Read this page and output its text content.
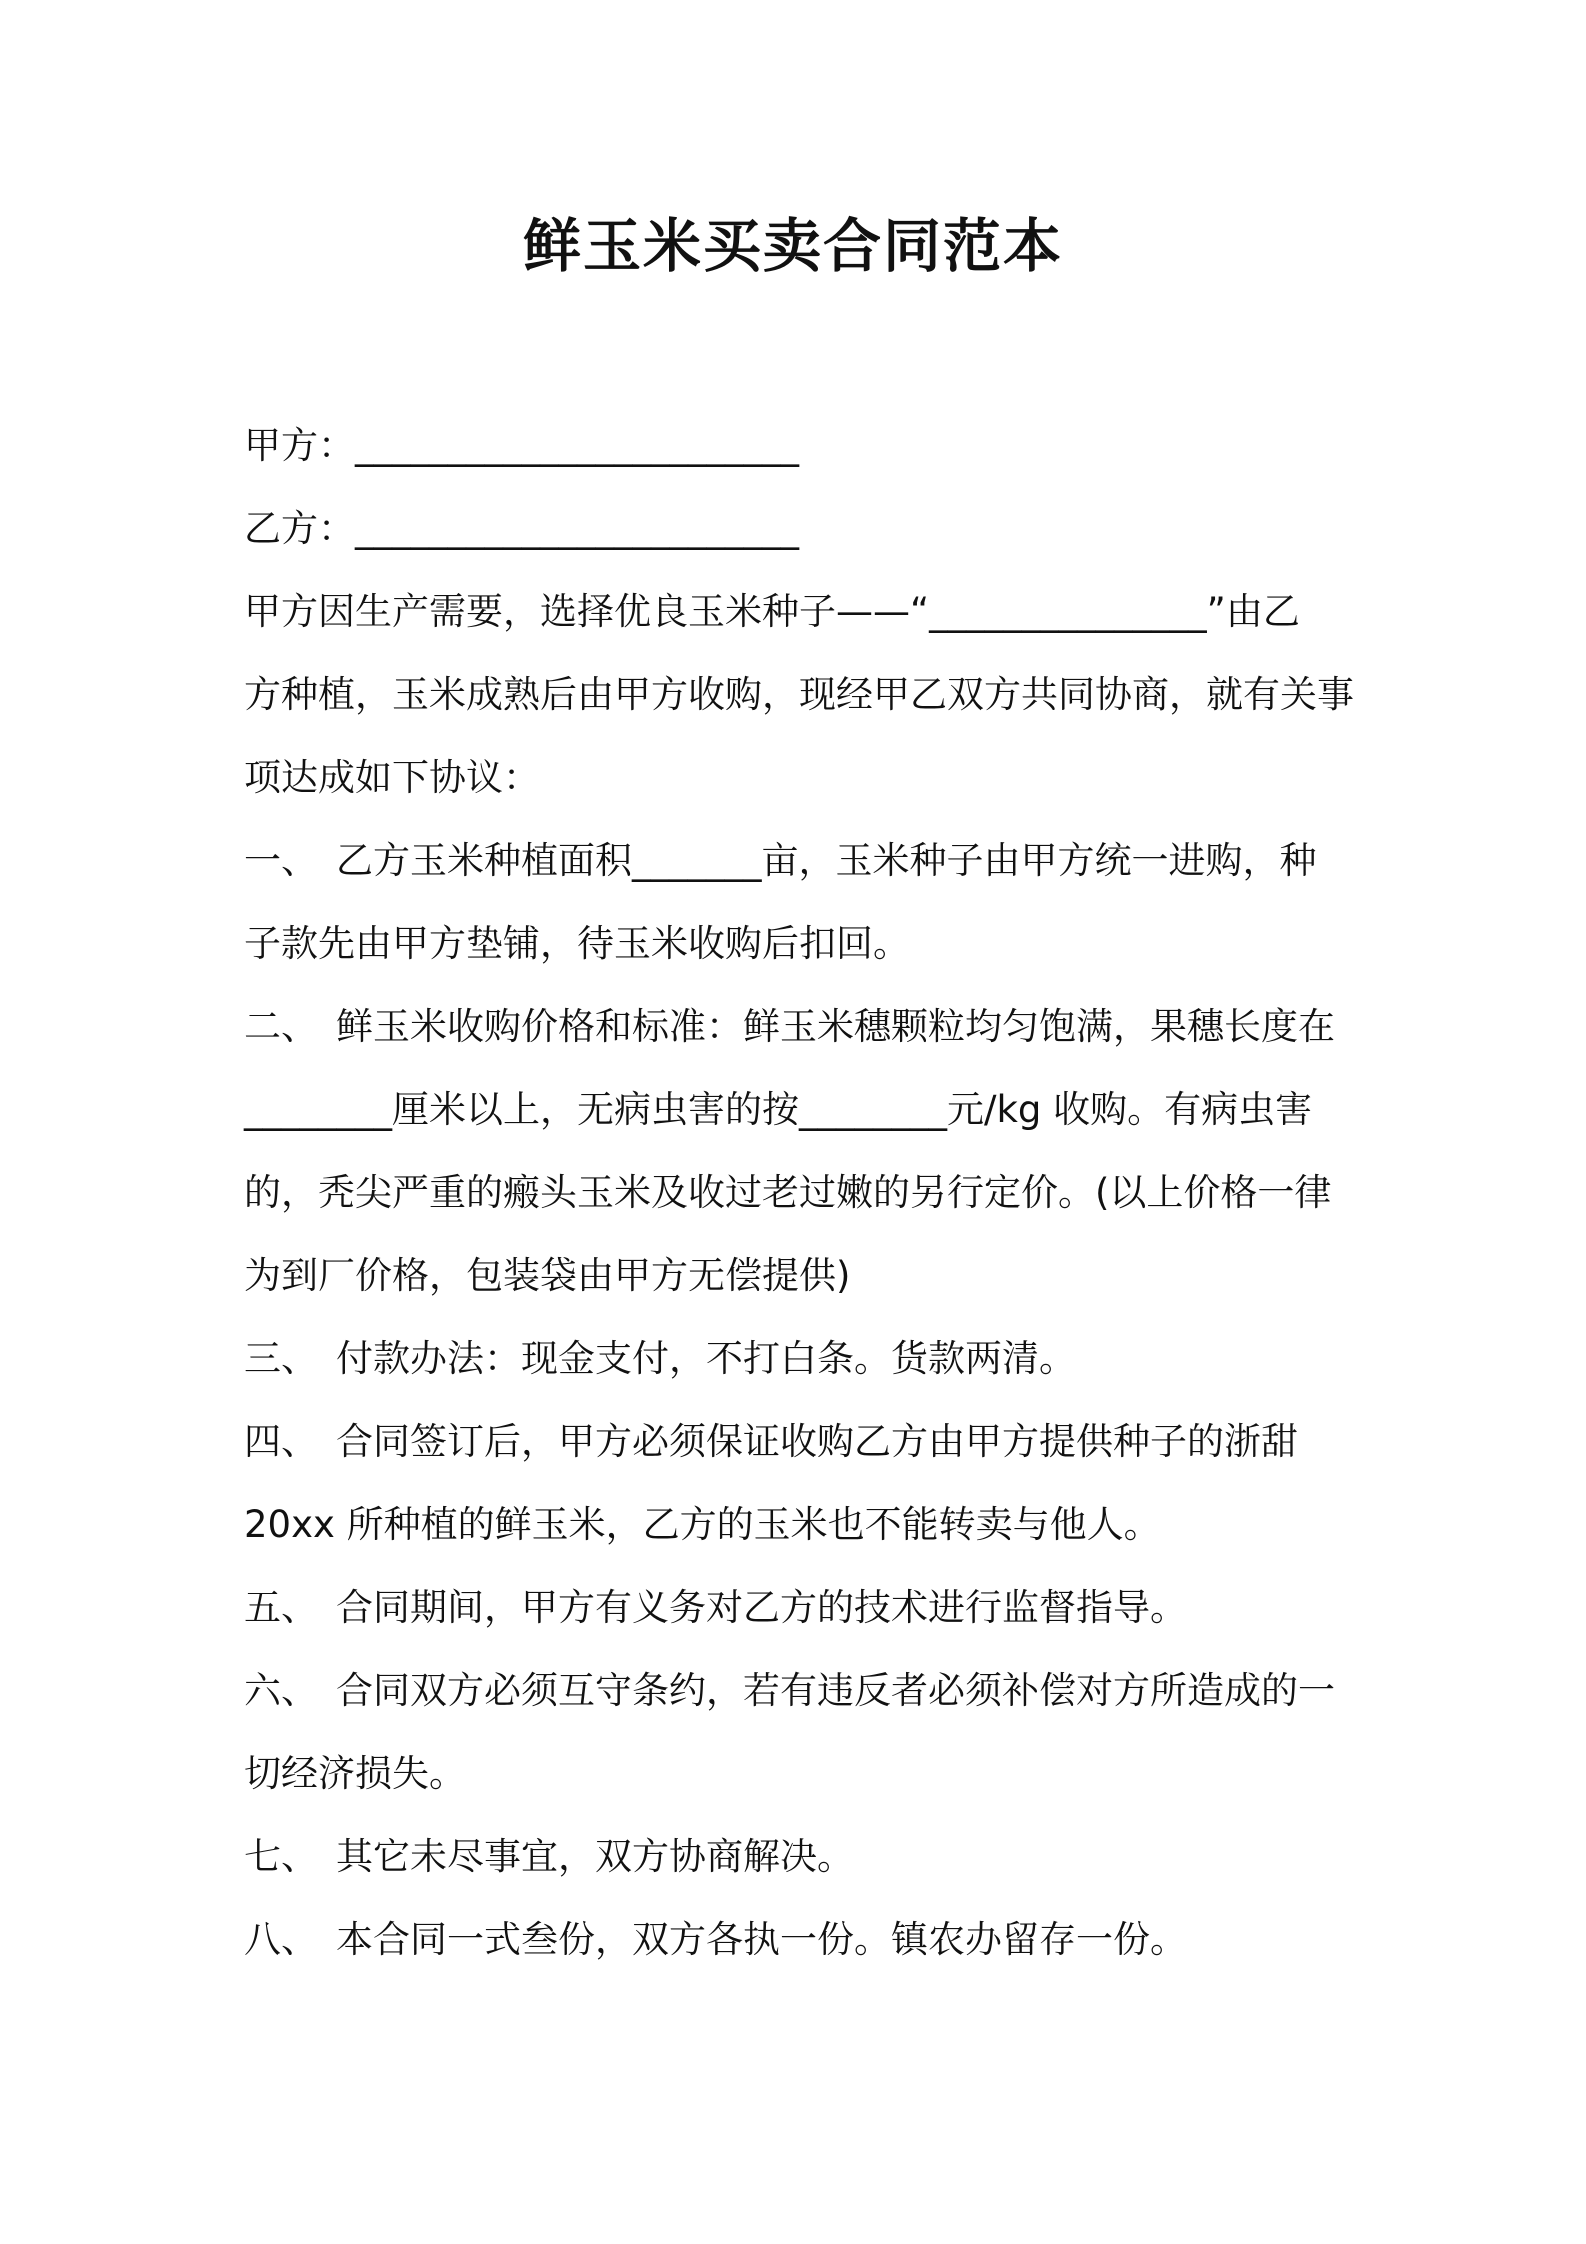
鲜玉米买卖合同范本
甲方：________________________
乙方：________________________
甲方因生产需要，选择优良玉米种子——“_______________”由乙
方种植，玉米成熟后由甲方收购，现经甲乙双方共同协商，就有关事
项达成如下协议：
一、 乙方玉米种植面积_______亩，玉米种子由甲方统一进购，种
子款先由甲方垫铺，待玉米收购后扣回。
二、 鲜玉米收购价格和标准：鲜玉米穗颗粒均匀饱满，果穗长度在
________厘米以上，无病虫害的按________元/kg 收购。有病虫害
的，秃尖严重的瘢头玉米及收过老过嫩的另行定价。(以上价格一律
为到厂价格，包装袋由甲方无偿提供)
三、 付款办法：现金支付，不打白条。货款两清。
四、 合同签订后，甲方必须保证收购乙方由甲方提供种子的浙甜
20xx 所种植的鲜玉米，乙方的玉米也不能转卖与他人。
五、 合同期间，甲方有义务对乙方的技术进行监督指导。
六、 合同双方必须互守条约，若有违反者必须补偿对方所造成的一
切经济损失。
七、 其它未尽事宜，双方协商解决。
八、 本合同一式叁份，双方各执一份。镇农办留存一份。
